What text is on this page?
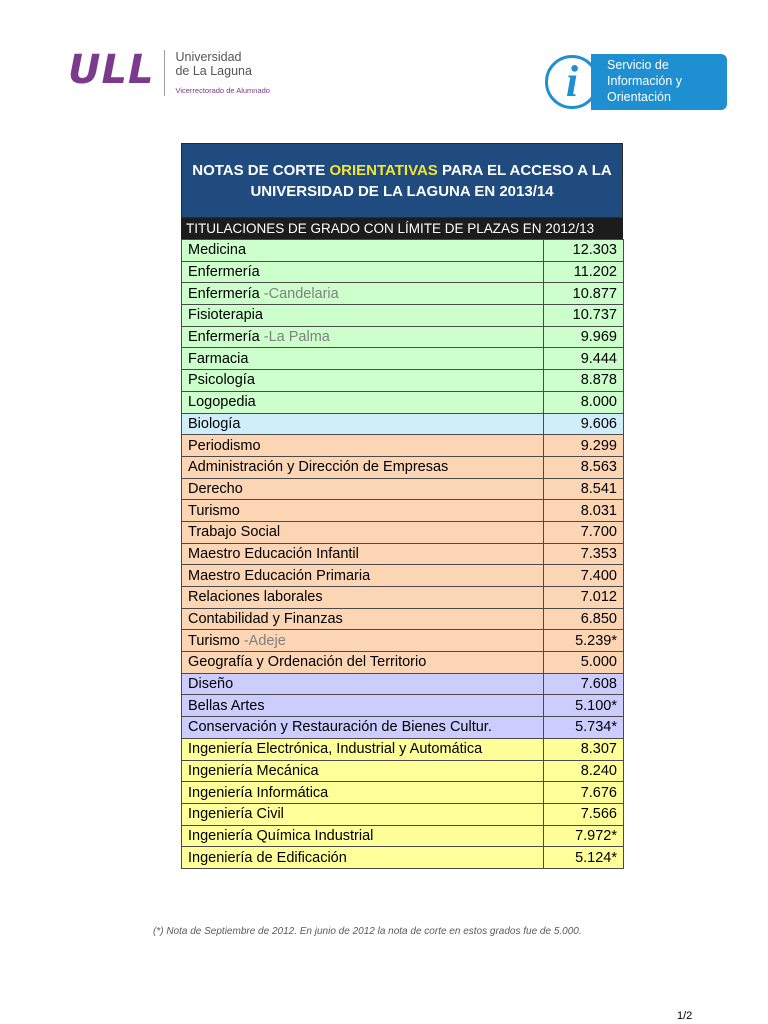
ULL Universidad
de La Laguna
Vicerrectorado de Alumnado	i	Servicio de
Información y
Orientación
NOTAS DE CORTE ORIENTATIVAS PARA EL ACCESO A LA
UNIVERSIDAD DE LA LAGUNA EN 2013/14
TITULACIONES DE GRADO CON LÍMITE DE PLAZAS EN 2012/13
Medicina	12.303
Enfermería	11.202
Enfermería -Candelaria	10.877
Fisioterapia	10.737
Enfermería -La Palma	9.969
Farmacia	9.444
Psicología	8.878
Logopedia	8.000
Biología	9.606
Periodismo	9.299
Administración y Dirección de Empresas	8.563
Derecho	8.541
Turismo	8.031
Trabajo Social	7.700
Maestro Educación Infantil	7.353
Maestro Educación Primaria	7.400
Relaciones laborales	7.012
Contabilidad y Finanzas	6.850
Turismo -Adeje	5.239*
Geografía y Ordenación del Territorio	5.000
Diseño	7.608
Bellas Artes	5.100*
Conservación y Restauración de Bienes Cultur.	5.734*
Ingeniería Electrónica, Industrial y Automática	8.307
Ingeniería Mecánica	8.240
Ingeniería Informática	7.676
Ingeniería Civil	7.566
Ingeniería Química Industrial	7.972*
Ingeniería de Edificación	5.124*
(*) Nota de Septiembre de 2012. En junio de 2012 la nota de corte en estos grados fue de 5.000.
1/2
